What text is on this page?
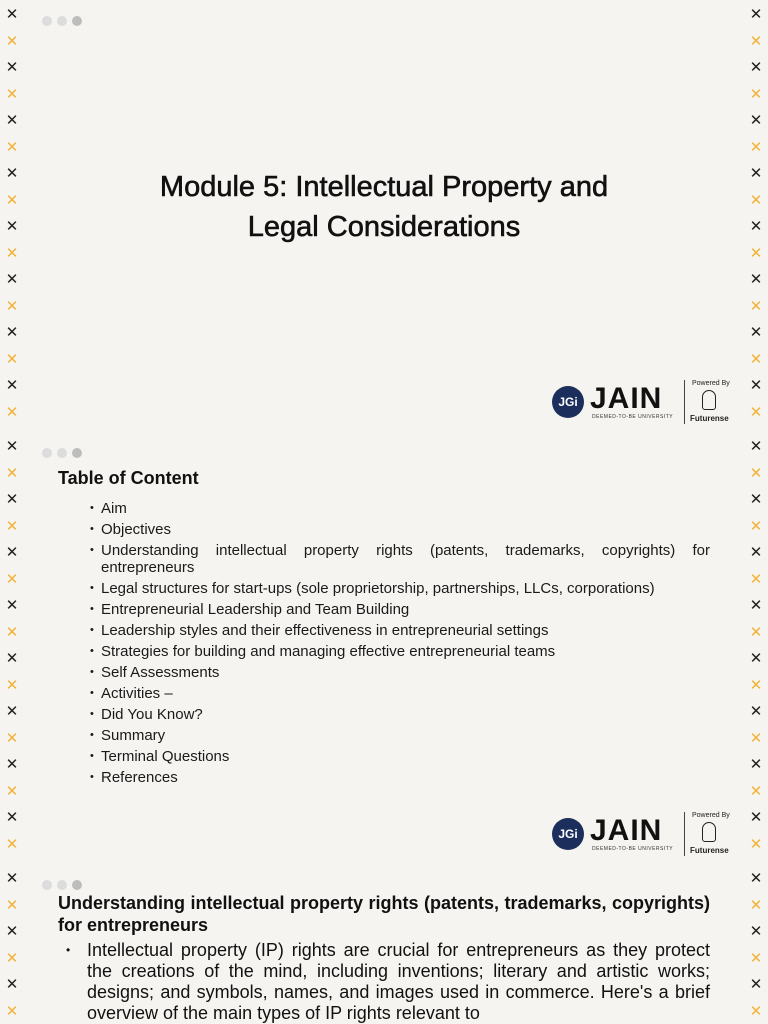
✕
✕
✕
✕
✕
✕
✕
✕
✕
✕
✕
✕
✕
✕
✕
✕
✕
✕
✕
✕
✕
✕
✕
✕
✕
✕
✕
✕
✕
✕
✕
✕
Module 5: Intellectual Property and
Legal Considerations
JGi JAIN
DEEMED-TO-BE UNIVERSITY
Powered By
Futurense
✕
✕
✕
✕
✕
✕
✕
✕
✕
✕
✕
✕
✕
✕
✕
✕
✕
✕
✕
✕
✕
✕
✕
✕
✕
✕
✕
✕
✕
✕
✕
✕
Table of Content
• Aim
• Objectives
• Understanding intellectual property rights (patents, trademarks, copyrights) for entrepreneurs
• Legal structures for start-ups (sole proprietorship, partnerships, LLCs, corporations)
• Entrepreneurial Leadership and Team Building
• Leadership styles and their effectiveness in entrepreneurial settings
• Strategies for building and managing effective entrepreneurial teams
• Self Assessments
• Activities –
• Did You Know?
• Summary
• Terminal Questions
• References
JGi JAIN
DEEMED-TO-BE UNIVERSITY
Powered By
Futurense
✕
✕
✕
✕
✕
✕
✕
✕
✕
✕
✕
✕
Understanding intellectual property rights (patents, trademarks, copyrights) for entrepreneurs
• Intellectual property (IP) rights are crucial for entrepreneurs as they protect the creations of the mind, including inventions; literary and artistic works; designs; and symbols, names, and images used in commerce. Here's a brief overview of the main types of IP rights relevant to
